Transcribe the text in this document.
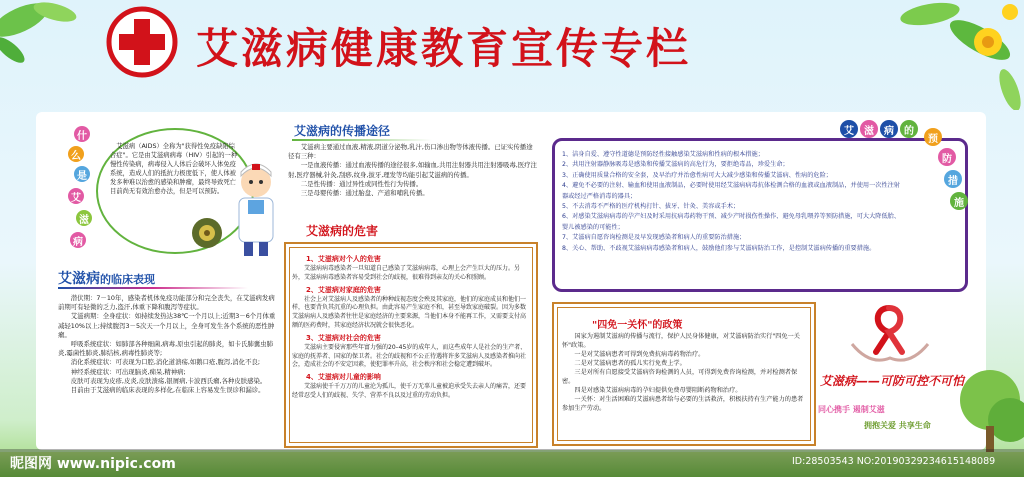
艾滋病健康教育宣传专栏
什
么
是
艾
滋
病

艾滋病（AIDS）全称为"获得性免疫缺陷综合症"。它是由艾滋病病毒（HIV）引起的一种慢性传染病，病毒侵入人体后会破坏人体免疫系统，造成人们的抵抗力极度低下，使人体被发多种难以治愈的感染和肿瘤，最终导致死亡目前尚无有效治愈办法，但是可以预防。

艾滋病的临床表现

潜伏期：7－10年，感染者机体免疫功能部分和完全丧失，在艾滋病发病前期可有轻微的乏力,盗汗,体重下降和腹泻等症状。

艾滋病期：全身症状：如持续发热达38℃一个月以上;近期3－6个月体重减轻10%以上;持续腹泻3－5次天一个月以上，全身可发生各个系统的恶性肿瘤。

呼吸系统症状：如肺部各种细菌,病毒,原虫引起的肺炎，如卡氏肺囊虫肺炎,霉菌性肺炎,肺结核,病毒性肺炎等;

消化系统症状：可表现为口腔,消化道溃疡,如鹅口疮,腹泻,消化不良;

神经系统症状：可出现脑炎,痴呆,精神病;

皮肤可表现为皮疹,皮炎,皮肤溃疡,银屑病,卡波西氏瘤,各种皮肤感染。

目前由于艾滋病的临床表现的多样化,在临床上容易发生误诊和漏诊。

艾滋病的传播途径

艾滋病主要通过血液,精液,阴道分泌物,乳汁,伤口渗出物等体液传播。已证实传播途径有三种：

一是血液传播：通过血液传播的途径很多,如输血,共用注射器共用注射器吸毒,医疗注射,医疗器械,针灸,刮痧,纹身,拔牙,理发等均能引起艾滋病的传播。

二是性传播：通过异性或同性性行为传播。

三是母婴传播：通过胎盘、产道和哺乳传播。

艾滋病的危害
1、艾滋病对个人的危害

艾滋病病毒感染者一旦知道自己感染了艾滋病病毒，心理上会产生巨大的压力。另外，艾滋病病毒感染者容易受到社会的歧视，很难得到亲友的关心和照顾。

2、艾滋病对家庭的危害

社会上对艾滋病人及感染者的种种歧视态度会殃及其家庭，他们的家庭成员和他们一样，也要背负其沉重的心理负担。由此容易产生家庭不和，甚至导致家庭破裂。因为多数艾滋病病人及感染者往往是家庭经济的主要来源，当他们本身不能再工作，又需要支付高额的医药费时，其家庭经济状况就会很快恶化。

3、艾滋病对社会的危害

艾滋病主要侵害那些年富力强的20–45岁的成年人，而这些成年人是社会的生产者、家庭的抚养者、国家的保卫者。社会的歧视和不公正待遇将许多艾滋病人及感染者推向社会，造成社会的不安定因素，使犯罪率升高，社会秩序和社会稳定遭到破坏。

4、艾滋病对儿童的影响

艾滋病使千千万万的儿童沦为孤儿，使千万无辜儿童被迫承受失去亲人的痛苦，还要经常忍受人们的歧视、失学、营养不良以及过重的劳动负担。

艾	滋	病	的
预
防
措
施

1、洁身自爱、遵守性道德是预防经性接触感染艾滋病和性病的根本措施；

2、共用注射器静脉吸毒是感染和传播艾滋病的高危行为，要拒绝毒品，珍爱生命；

3、正确使用质量合格的安全套，及早治疗并治愈性病可大大减少感染和传播艾滋病、性病的危险；

4、避免不必要的注射、输血和使用血液制品，必要时使用经艾滋病病毒抗体检测合格的血液或血液制品，并使用一次性注射器或经过严格消毒的器具；

5、不去消毒不严格的医疗机构打针、拔牙、针灸、美容或手术；

6、对感染艾滋病病毒的孕产妇及时采用抗病毒药物干预、减少产时损伤性操作、避免母乳喂养等预防措施，可大大降低胎、婴儿被感染的可能性；

7、艾滋病自愿咨询检测是及早发现感染者和病人的重要防治措施；

8、关心、帮助、不歧视艾滋病病毒感染者和病人，鼓励他们参与艾滋病防治工作，是控制艾滋病传播的重要措施。

"四免一关怀"的政策

国家为遏制艾滋病的传播与流行，保护人民身体健康，对艾滋病防治实行"四免一关怀"政策。

一是对艾滋病患者可得到免费抗病毒药物治疗。

二是对艾滋病患者的孤儿实行免费上学。

三是对所有自愿接受艾滋病咨询检测的人员，可得到免费咨询检测，并对检测者保密。

四是对感染艾滋病病毒的孕妇提供免费母婴阻断药物和治疗。

一关怀：对生活困难的艾滋病患者给与必要的生活救济，积极扶持有生产能力的患者参加生产劳动。

艾滋病——可防可控不可怕
同心携手 遏制艾滋
拥抱关爱 共享生命
昵图网 www.nipic.com	ID:28503543 NO:20190329234615148089
